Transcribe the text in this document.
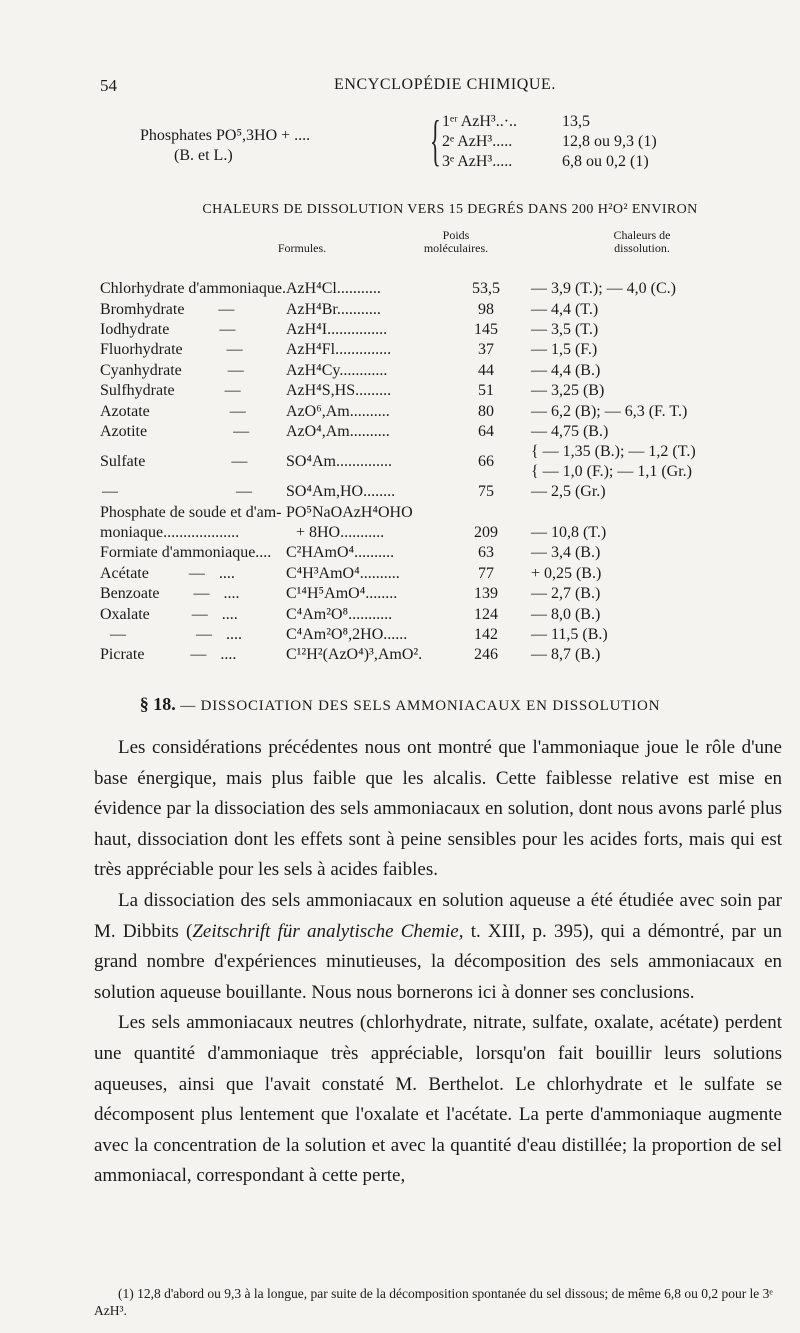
54	ENCYCLOPÉDIE CHIMIQUE.
Phosphates PO⁵,3HO + ....
(B. et L.)	{ 1ᵉʳ AzH³..·..	13,5
2ᵉ AzH³.....	12,8 ou 9,3 (1)
3ᵉ AzH³.....	6,8 ou 0,2 (1)
CHALEURS DE DISSOLUTION VERS 15 DEGRÉS DANS 200 H²O² ENVIRON
Formules.
Poids moléculaires.
Chaleurs de dissolution.
Chlorhydrate d'ammoniaque.	AzH⁴Cl...........	53,5	— 3,9 (T.); — 4,0 (C.)
Bromhydrate —	AzH⁴Br...........	98	— 4,4 (T.)
Iodhydrate —	AzH⁴I...............	145	— 3,5 (T.)
Fluorhydrate —	AzH⁴Fl..............	37	— 1,5 (F.)
Cyanhydrate —	AzH⁴Cy............	44	— 4,4 (B.)
Sulfhydrate —	AzH⁴S,HS.........	51	— 3,25 (B)
Azotate —	AzO⁶,Am..........	80	— 6,2 (B); — 6,3 (F. T.)
Azotite —	AzO⁴,Am..........	64	— 4,75 (B.)
Sulfate —	SO⁴Am..............	66	{ — 1,35 (B.); — 1,2 (T.)
{ — 1,0 (F.); — 1,1 (Gr.)

— —	SO⁴Am,HO........	75	— 2,5 (Gr.)
Phosphate de soude et d'am-	PO⁵NaOAzH⁴OHO		
moniaque...................	+ 8HO...........	209	— 10,8 (T.)
Formiate d'ammoniaque....	C²HAmO⁴..........	63	— 3,4 (B.)
Acétate — ....	C⁴H³AmO⁴..........	77	+ 0,25 (B.)
Benzoate — ....	C¹⁴H⁵AmO⁴........	139	— 2,7 (B.)
Oxalate — ....	C⁴Am²O⁸...........	124	— 8,0 (B.)
— — ....	C⁴Am²O⁸,2HO......	142	— 11,5 (B.)
Picrate — ....	C¹²H²(AzO⁴)³,AmO².	246	— 8,7 (B.)
§ 18. — DISSOCIATION DES SELS AMMONIACAUX EN DISSOLUTION

Les considérations précédentes nous ont montré que l'ammoniaque joue le rôle d'une base énergique, mais plus faible que les alcalis. Cette faiblesse relative est mise en évidence par la dissociation des sels ammoniacaux en solution, dont nous avons parlé plus haut, dissociation dont les effets sont à peine sensibles pour les acides forts, mais qui est très appréciable pour les sels à acides faibles.

La dissociation des sels ammoniacaux en solution aqueuse a été étudiée avec soin par M. Dibbits (Zeitschrift für analytische Chemie, t. XIII, p. 395), qui a démontré, par un grand nombre d'expériences minutieuses, la décomposition des sels ammoniacaux en solution aqueuse bouillante. Nous nous bornerons ici à donner ses conclusions.

Les sels ammoniacaux neutres (chlorhydrate, nitrate, sulfate, oxalate, acétate) perdent une quantité d'ammoniaque très appréciable, lorsqu'on fait bouillir leurs solutions aqueuses, ainsi que l'avait constaté M. Berthelot. Le chlorhydrate et le sulfate se décomposent plus lentement que l'oxalate et l'acétate. La perte d'ammoniaque augmente avec la concentration de la solution et avec la quantité d'eau distillée; la proportion de sel ammoniacal, correspondant à cette perte,

(1) 12,8 d'abord ou 9,3 à la longue, par suite de la décomposition spontanée du sel dissous; de même 6,8 ou 0,2 pour le 3ᵉ AzH³.
